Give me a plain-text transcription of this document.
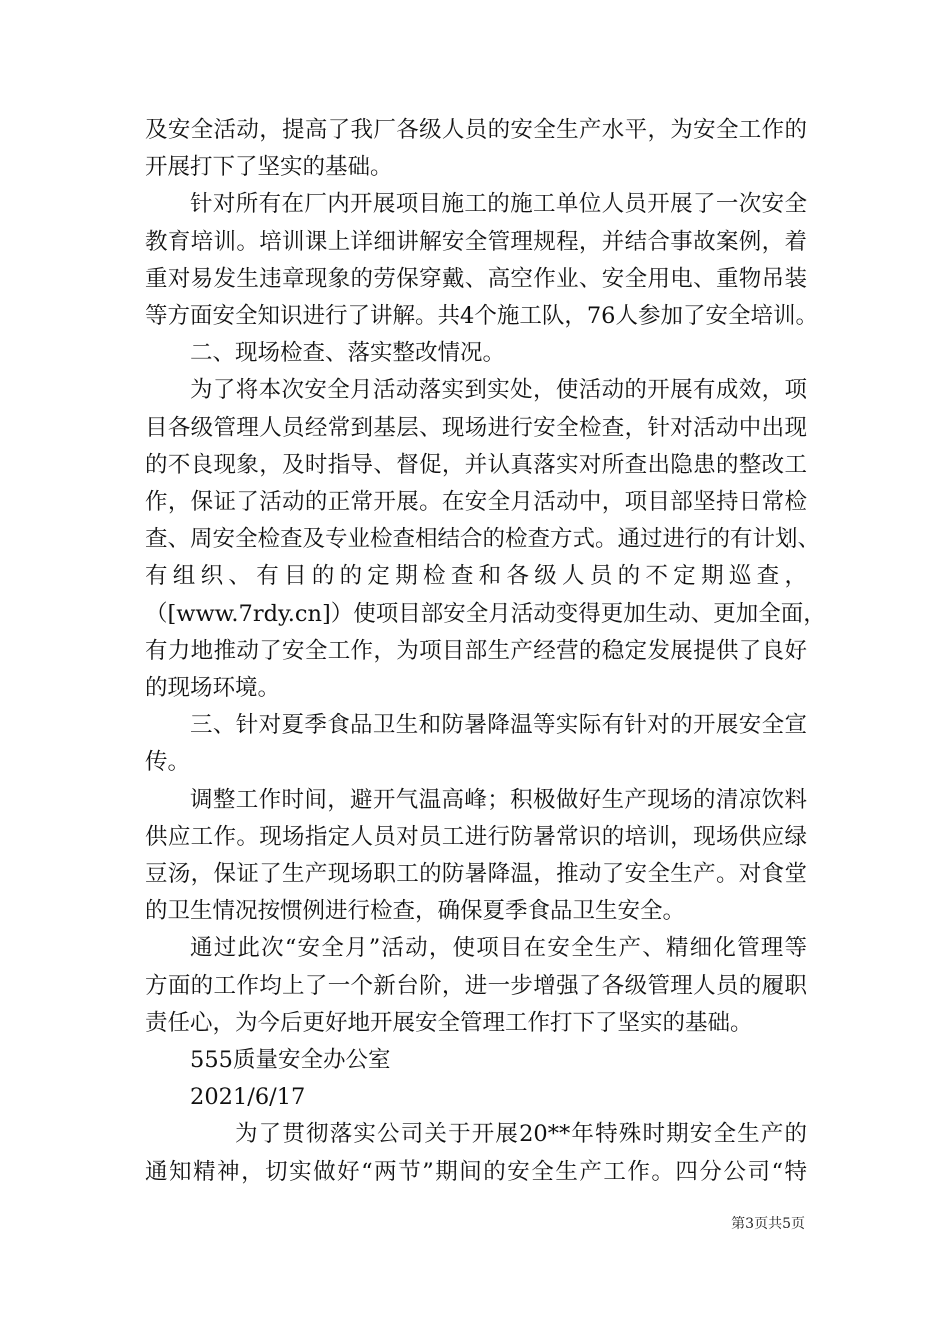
及安全活动，提高了我厂各级人员的安全生产水平，为安全工作的
开展打下了坚实的基础。
针对所有在厂内开展项目施工的施工单位人员开展了一次安全
教育培训。培训课上详细讲解安全管理规程，并结合事故案例，着
重对易发生违章现象的劳保穿戴、高空作业、安全用电、重物吊装
等方面安全知识进行了讲解。共4个施工队，76人参加了安全培训。
二、现场检查、落实整改情况。
为了将本次安全月活动落实到实处，使活动的开展有成效，项
目各级管理人员经常到基层、现场进行安全检查，针对活动中出现
的不良现象，及时指导、督促，并认真落实对所查出隐患的整改工
作，保证了活动的正常开展。在安全月活动中，项目部坚持日常检
查、周安全检查及专业检查相结合的检查方式。通过进行的有计划、
有组织、有目的的定期检查和各级人员的不定期巡查，
（[www.7rdy.cn]）使项目部安全月活动变得更加生动、更加全面，
有力地推动了安全工作，为项目部生产经营的稳定发展提供了良好
的现场环境。
三、针对夏季食品卫生和防暑降温等实际有针对的开展安全宣
传。
调整工作时间，避开气温高峰；积极做好生产现场的清凉饮料
供应工作。现场指定人员对员工进行防暑常识的培训，现场供应绿
豆汤，保证了生产现场职工的防暑降温，推动了安全生产。对食堂
的卫生情况按惯例进行检查，确保夏季食品卫生安全。
通过此次“安全月”活动，使项目在安全生产、精细化管理等
方面的工作均上了一个新台阶，进一步增强了各级管理人员的履职
责任心，为今后更好地开展安全管理工作打下了坚实的基础。
555质量安全办公室
2021/6/17
为了贯彻落实公司关于开展20**年特殊时期安全生产的
通知精神，切实做好“两节”期间的安全生产工作。四分公司“特
第3页共5页
